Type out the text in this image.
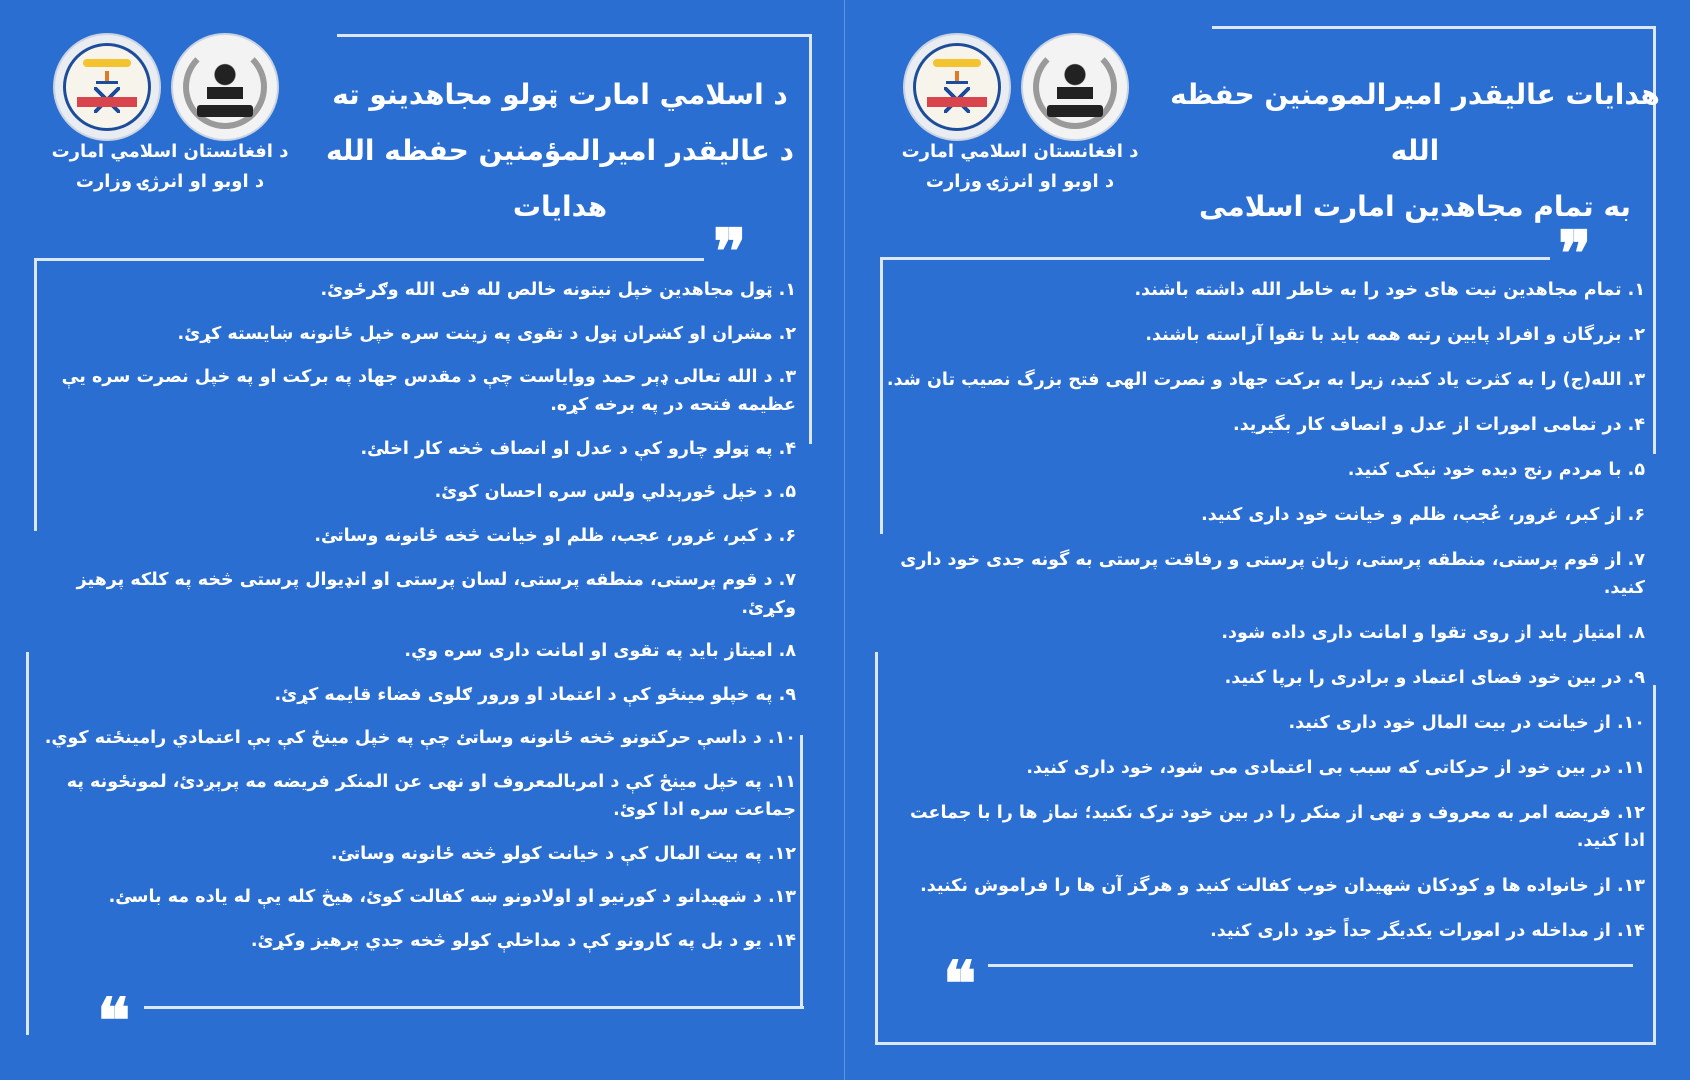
د افغانستان اسلامي امارت
د اوبو او انرژۍ وزارت
د اسلامي امارت ټولو مجاهدینو ته
د عالیقدر امیرالمؤمنین حفظه الله هدایات
❞
❝
۱. ټول مجاهدین خپل نیتونه خالص لله فی الله وګرځوئ.
۲. مشران او کشران ټول د تقوی په زینت سره خپل ځانونه ښایسته کړئ.
۳. د الله تعالی ډېر حمد ووایاست چې د مقدس جهاد په برکت او په خپل نصرت سره یې عظیمه فتحه در په برخه کړه.
۴. په ټولو چارو کې د عدل او انصاف څخه کار اخلئ.
۵. د خپل ځورېدلي ولس سره احسان کوئ.
۶. د کبر، غرور، عجب، ظلم او خیانت څخه ځانونه وساتئ.
۷. د قوم پرستی، منطقه پرستی، لسان پرستی او انډیوال پرستی څخه په کلکه پرهیز وکړئ.
۸. امیتاز باید په تقوی او امانت داری سره وي.
۹. په خپلو مینځو کې د اعتماد او ورور ګلوی فضاء قایمه کړئ.
۱۰. د داسې حرکتونو څخه ځانونه وساتئ چې په خپل مینځ کې بې اعتمادي رامینځته کوي.
۱۱. په خپل مینځ کې د امربالمعروف او نهی عن المنکر فریضه مه پرېږدئ، لمونځونه په جماعت سره ادا کوئ.
۱۲. په بیت المال کې د خیانت کولو څخه ځانونه وساتئ.
۱۳. د شهیدانو د کورنیو او اولادونو ښه کفالت کوئ، هیڅ کله یې له یاده مه باسئ.
۱۴. یو د بل په کارونو کې د مداخلې کولو څخه جدي پرهیز وکړئ.
د افغانستان اسلامي امارت
د اوبو او انرژۍ وزارت
هدایات عالیقدر امیرالمومنین حفظه الله
به تمام مجاهدین امارت اسلامی
❞
❝
۱. تمام مجاهدین نیت های خود را به خاطر الله داشته باشند.
۲. بزرگان و افراد پایین رتبه همه باید با تقوا آراسته باشند.
۳. الله(ج) را به کثرت یاد کنید، زیرا به برکت جهاد و نصرت الهی فتح بزرگ نصیب تان شد.
۴. در تمامی امورات از عدل و انصاف کار بگیرید.
۵. با مردم رنج دیده خود نیکی کنید.
۶. از کبر، غرور، عُجب، ظلم و خیانت خود داری کنید.
۷. از قوم پرستی، منطقه پرستی، زبان پرستی و رفاقت پرستی به گونه جدی خود داری کنید.
۸. امتیاز باید از روی تقوا و امانت داری داده شود.
۹. در بین خود فضای اعتماد و برادری را برپا کنید.
۱۰. از خیانت در بیت المال خود داری کنید.
۱۱. در بین خود از حرکاتی که سبب بی اعتمادی می شود، خود داری کنید.
۱۲. فریضه امر به معروف و نهی از منکر را در بین خود ترک نکنید؛ نماز ها را با جماعت ادا کنید.
۱۳. از خانواده ها و کودکان شهیدان خوب کفالت کنید و هرگز آن ها را فراموش نکنید.
۱۴. از مداخله در امورات یکدیگر جداً خود داری کنید.
